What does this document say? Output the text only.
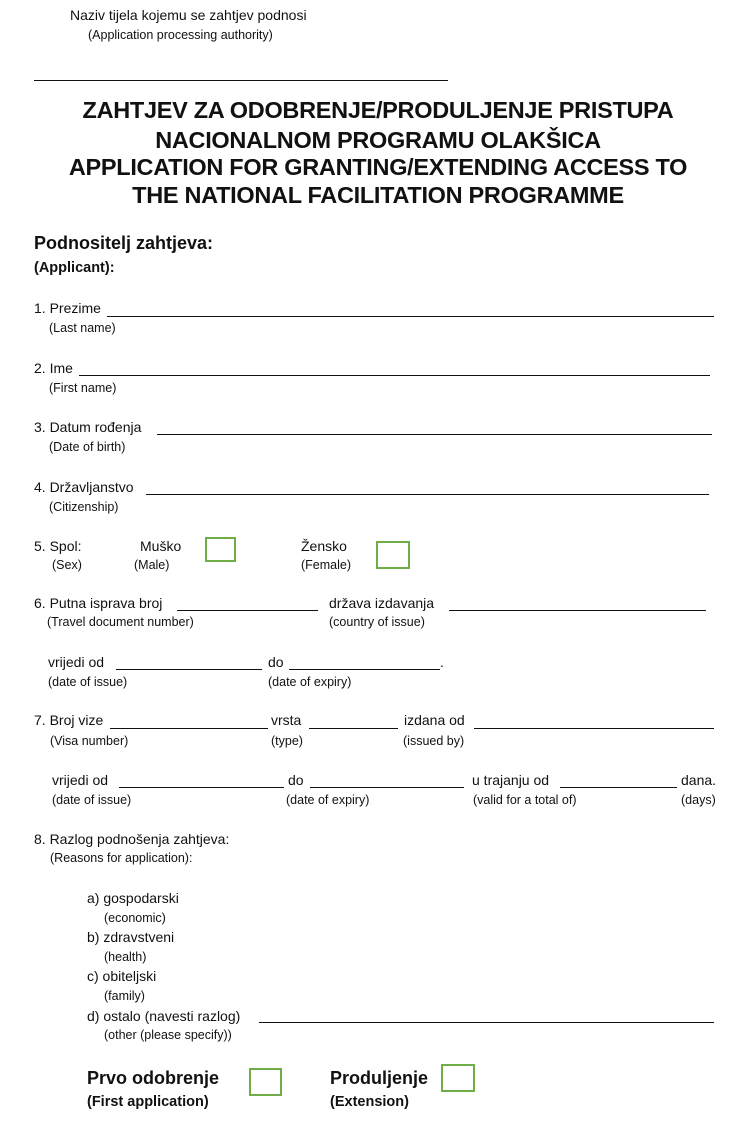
Naziv tijela kojemu se zahtjev podnosi
(Application processing authority)
ZAHTJEV ZA ODOBRENJE/PRODULJENJE PRISTUPA
NACIONALNOM PROGRAMU OLAKŠICA
APPLICATION FOR GRANTING/EXTENDING ACCESS TO
THE NATIONAL FACILITATION PROGRAMME
Podnositelj zahtjeva:
(Applicant):
1. Prezime
(Last name)
2. Ime
(First name)
3. Datum rođenja
(Date of birth)
4. Državljanstvo
(Citizenship)
5. Spol:
(Sex)
Muško
(Male)
Žensko
(Female)
6. Putna isprava broj
(Travel document number)
država izdavanja
(country of issue)
vrijedi od
(date of issue)
do	.
(date of expiry)
7. Broj vize
(Visa number)
vrsta
(type)
izdana od
(issued by)
vrijedi od
(date of issue)
do
(date of expiry)
u trajanju od
(valid for a total of)
dana.
(days)
8. Razlog podnošenja zahtjeva:
(Reasons for application):
a) gospodarski
(economic)
b) zdravstveni
(health)
c) obiteljski
(family)
d) ostalo (navesti razlog)
(other (please specify))
Prvo odobrenje
(First application)
Produljenje
(Extension)
